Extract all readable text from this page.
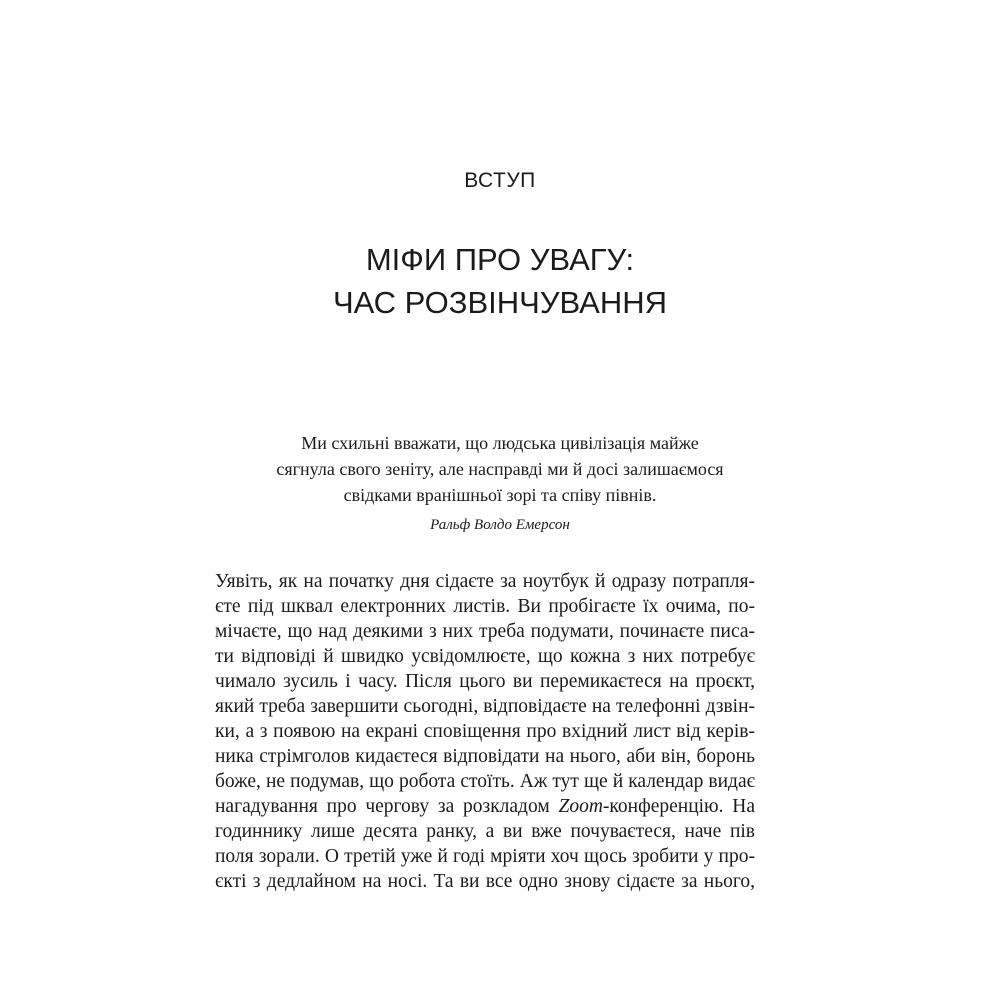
ВСТУП
МІФИ ПРО УВАГУ:
ЧАС РОЗВІНЧУВАННЯ
Ми схильні вважати, що людська цивілізація майже
сягнула свого зеніту, але насправді ми й досі залишаємося
свідками вранішньої зорі та співу півнів.
Ральф Волдо Емерсон
Уявіть, як на початку дня сідаєте за ноутбук й одразу потрапля-
єте під шквал електронних листів. Ви пробігаєте їх очима, по-
мічаєте, що над деякими з них треба подумати, починаєте писа-
ти відповіді й швидко усвідомлюєте, що кожна з них потребує
чимало зусиль і часу. Після цього ви перемикаєтеся на проєкт,
який треба завершити сьогодні, відповідаєте на телефонні дзвін-
ки, а з появою на екрані сповіщення про вхідний лист від керів-
ника стрімголов кидаєтеся відповідати на нього, аби він, боронь
боже, не подумав, що робота стоїть. Аж тут ще й календар видає
нагадування про чергову за розкладом Zoom-конференцію. На
годиннику лише десята ранку, а ви вже почуваєтеся, наче пів
поля зорали. О третій уже й годі мріяти хоч щось зробити у про-
єкті з дедлайном на носі. Та ви все одно знову сідаєте за нього,
